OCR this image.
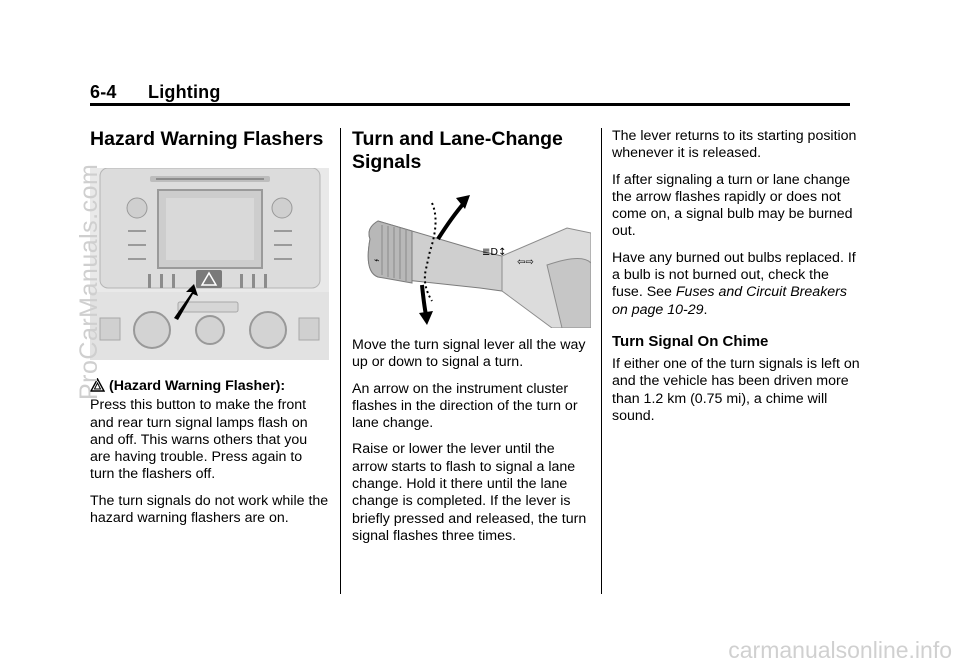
6-4 Lighting
Hazard Warning Flashers

(Hazard Warning Flasher):
Press this button to make the front and rear turn signal lamps flash on and off. This warns others that you are having trouble. Press again to turn the flashers off.

The turn signals do not work while the hazard warning flashers are on.

Turn and Lane-Change
Signals
≣D↕
⇦⇨
⌁

Move the turn signal lever all the way up or down to signal a turn.

An arrow on the instrument cluster flashes in the direction of the turn or lane change.

Raise or lower the lever until the arrow starts to flash to signal a lane change. Hold it there until the lane change is completed. If the lever is briefly pressed and released, the turn signal flashes three times.

The lever returns to its starting position whenever it is released.

If after signaling a turn or lane change the arrow flashes rapidly or does not come on, a signal bulb may be burned out.

Have any burned out bulbs replaced. If a bulb is not burned out, check the fuse. See Fuses and Circuit Breakers on page 10-29.

Turn Signal On Chime

If either one of the turn signals is left on and the vehicle has been driven more than 1.2 km (0.75 mi), a chime will sound.

ProCarManuals.com
carmanualsonline.info
